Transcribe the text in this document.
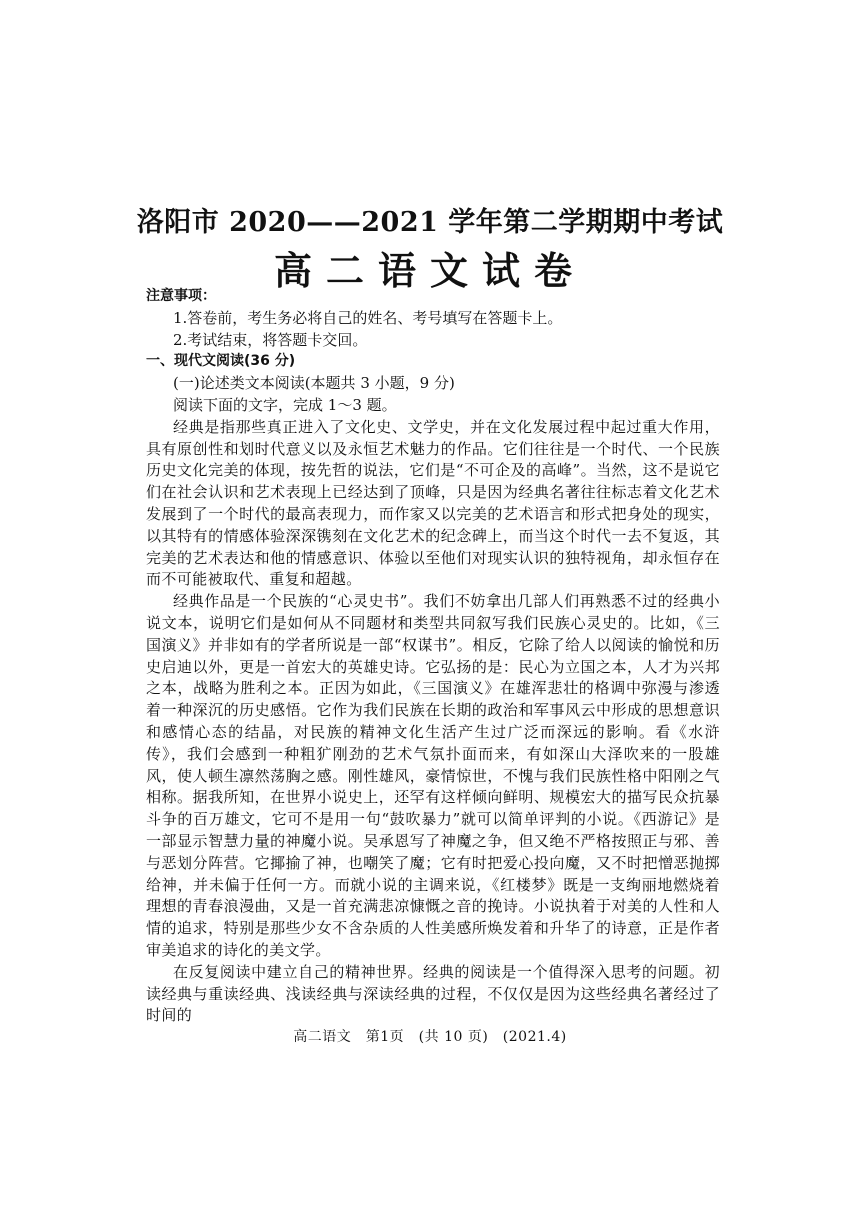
洛阳市 2020——2021 学年第二学期期中考试
高二语文试卷
注意事项：
1.答卷前，考生务必将自己的姓名、考号填写在答题卡上。
2.考试结束，将答题卡交回。
一、现代文阅读(36 分)
(一)论述类文本阅读(本题共 3 小题，9 分)
阅读下面的文字，完成 1～3 题。

经典是指那些真正进入了文化史、文学史，并在文化发展过程中起过重大作用，具有原创性和划时代意义以及永恒艺术魅力的作品。它们往往是一个时代、一个民族历史文化完美的体现，按先哲的说法，它们是“不可企及的高峰”。当然，这不是说它们在社会认识和艺术表现上已经达到了顶峰，只是因为经典名著往往标志着文化艺术发展到了一个时代的最高表现力，而作家又以完美的艺术语言和形式把身处的现实，以其特有的情感体验深深镌刻在文化艺术的纪念碑上，而当这个时代一去不复返，其完美的艺术表达和他的情感意识、体验以至他们对现实认识的独特视角，却永恒存在而不可能被取代、重复和超越。

经典作品是一个民族的“心灵史书”。我们不妨拿出几部人们再熟悉不过的经典小说文本，说明它们是如何从不同题材和类型共同叙写我们民族心灵史的。比如，《三国演义》并非如有的学者所说是一部“权谋书”。相反，它除了给人以阅读的愉悦和历史启迪以外，更是一首宏大的英雄史诗。它弘扬的是：民心为立国之本，人才为兴邦之本，战略为胜利之本。正因为如此，《三国演义》在雄浑悲壮的格调中弥漫与渗透着一种深沉的历史感悟。它作为我们民族在长期的政治和军事风云中形成的思想意识和感情心态的结晶，对民族的精神文化生活产生过广泛而深远的影响。看《水浒传》，我们会感到一种粗犷刚劲的艺术气氛扑面而来，有如深山大泽吹来的一股雄风，使人顿生凛然荡胸之感。刚性雄风，豪情惊世，不愧与我们民族性格中阳刚之气相称。据我所知，在世界小说史上，还罕有这样倾向鲜明、规模宏大的描写民众抗暴斗争的百万雄文，它可不是用一句“鼓吹暴力”就可以简单评判的小说。《西游记》是一部显示智慧力量的神魔小说。吴承恩写了神魔之争，但又绝不严格按照正与邪、善与恶划分阵营。它揶揄了神，也嘲笑了魔；它有时把爱心投向魔，又不时把憎恶抛掷给神，并未偏于任何一方。而就小说的主调来说，《红楼梦》既是一支绚丽地燃烧着理想的青春浪漫曲，又是一首充满悲凉慷慨之音的挽诗。小说执着于对美的人性和人情的追求，特别是那些少女不含杂质的人性美感所焕发着和升华了的诗意，正是作者审美追求的诗化的美文学。

在反复阅读中建立自己的精神世界。经典的阅读是一个值得深入思考的问题。初读经典与重读经典、浅读经典与深读经典的过程，不仅仅是因为这些经典名著经过了时间的

高二语文　第1页　(共 10 页)　(2021.4)
